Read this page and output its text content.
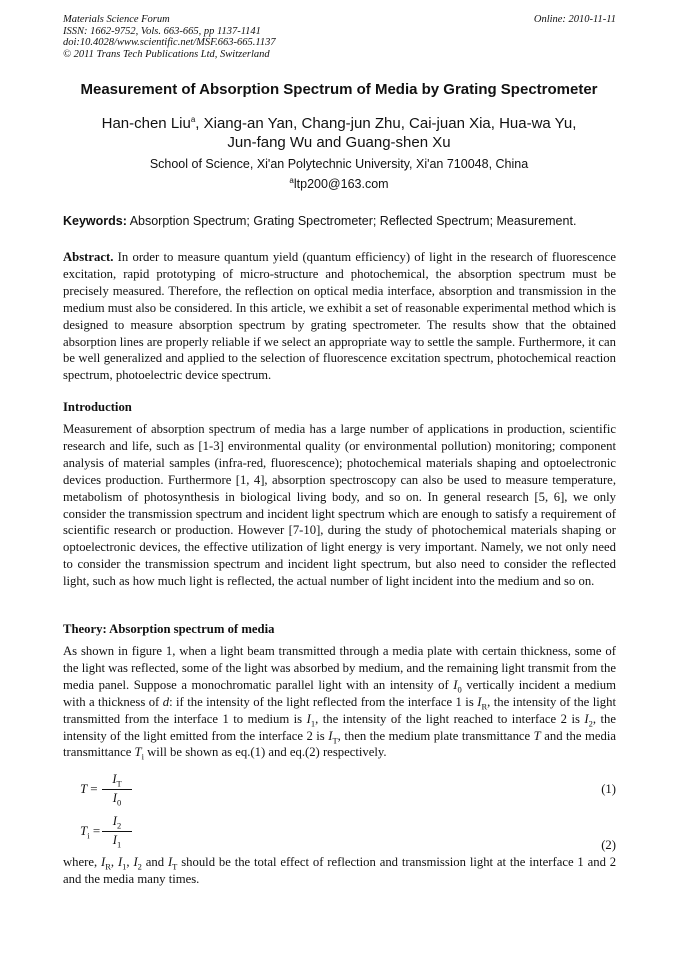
Materials Science Forum
ISSN: 1662-9752, Vols. 663-665, pp 1137-1141
doi:10.4028/www.scientific.net/MSF.663-665.1137
© 2011 Trans Tech Publications Ltd, Switzerland
Online: 2010-11-11
Measurement of Absorption Spectrum of Media by Grating Spectrometer
Han-chen Liu$^a$, Xiang-an Yan, Chang-jun Zhu, Cai-juan Xia, Hua-wa Yu,
Jun-fang Wu and Guang-shen Xu
School of Science, Xi'an Polytechnic University, Xi'an 710048, China
$^a$ltp200@163.com
Keywords: Absorption Spectrum; Grating Spectrometer; Reflected Spectrum; Measurement.
Abstract. In order to measure quantum yield (quantum efficiency) of light in the research of fluorescence excitation, rapid prototyping of micro-structure and photochemical, the absorption spectrum must be precisely measured. Therefore, the reflection on optical media interface, absorption and transmission in the medium must also be considered. In this article, we exhibit a set of reasonable experimental method which is designed to measure absorption spectrum by grating spectrometer. The results show that the obtained absorption lines are properly reliable if we select an appropriate way to settle the sample. Furthermore, it can be well generalized and applied to the selection of fluorescence excitation spectrum, photochemical reaction spectrum, photoelectric device spectrum.
Introduction
Measurement of absorption spectrum of media has a large number of applications in production, scientific research and life, such as [1-3] environmental quality (or environmental pollution) monitoring; component analysis of material samples (infra-red, fluorescence); photochemical materials shaping and optoelectronic devices production. Furthermore [1, 4], absorption spectroscopy can also be used to measure temperature, metabolism of photosynthesis in biological living body, and so on. In general research [5, 6], we only consider the transmission spectrum and incident light spectrum which are enough to satisfy a requirement of scientific research or production. However [7-10], during the study of photochemical materials shaping or optoelectronic devices, the effective utilization of light energy is very important. Namely, we not only need to consider the transmission spectrum and incident light spectrum, but also need to consider the reflected light, such as how much light is reflected, the actual number of light incident into the medium and so on.
Theory: Absorption spectrum of media
As shown in figure 1, when a light beam transmitted through a media plate with certain thickness, some of the light was reflected, some of the light was absorbed by medium, and the remaining light transmit from the media panel. Suppose a monochromatic parallel light with an intensity of $I_0$ vertically incident a medium with a thickness of d: if the intensity of the light reflected from the interface 1 is $I_R$, the intensity of the light transmitted from the interface 1 to medium is $I_1$, the intensity of the light reached to interface 2 is $I_2$, the intensity of the light emitted from the interface 2 is $I_T$, then the medium plate transmittance T and the media transmittance $T_i$ will be shown as eq.(1) and eq.(2) respectively.
T =
$I_T$
$I_0$
(1)
$T_i$ =
$I_2$
$I_1$	(2)
where, $I_R$, $I_1$, $I_2$ and $I_T$ should be the total effect of reflection and transmission light at the interface 1 and 2 and the media many times.
